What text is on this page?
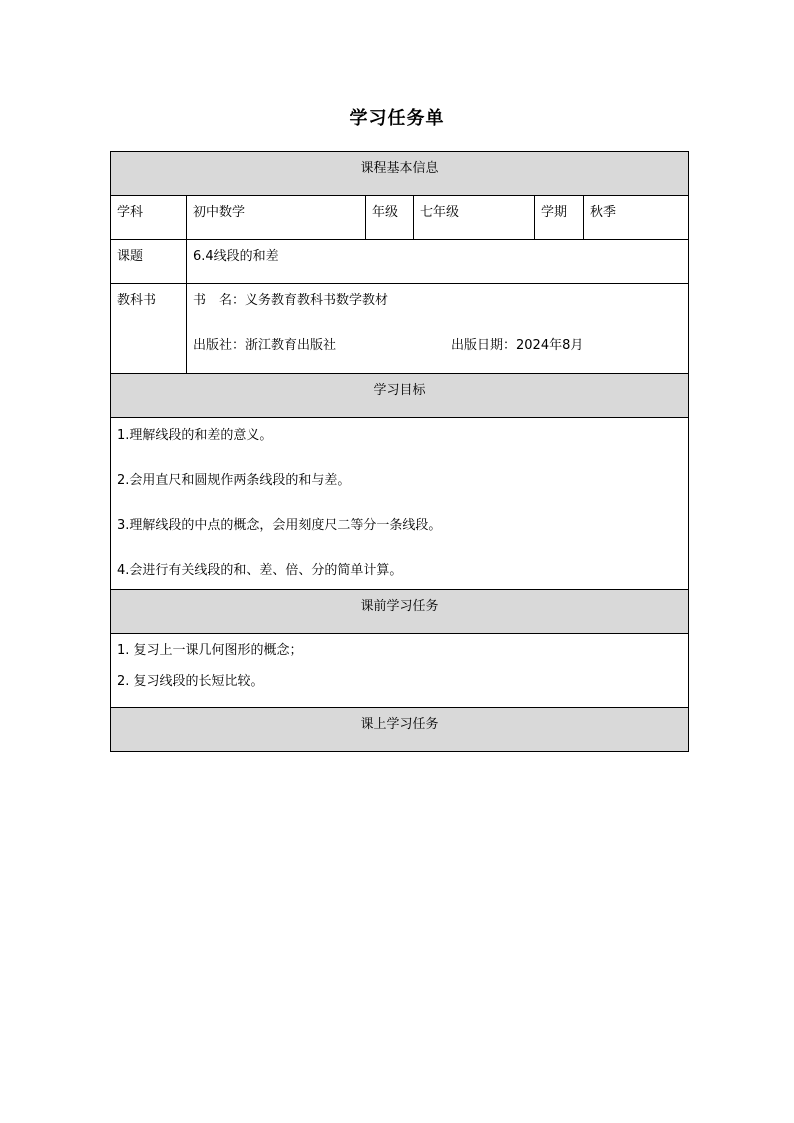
学习任务单
课程基本信息					
学科	初中数学	年级	七年级	学期	秋季
课题	6.4线段的和差				
教科书	书　名：义务教育教科书数学教材
出版社：浙江教育出版社 出版日期：2024年8月				

学习目标					

1.理解线段的和差的意义。

2.会用直尺和圆规作两条线段的和与差。

3.理解线段的中点的概念，会用刻度尺二等分一条线段。

4.会进行有关线段的和、差、倍、分的简单计算。					

课前学习任务					

1. 复习上一课几何图形的概念；

2. 复习线段的长短比较。					

课上学习任务					
